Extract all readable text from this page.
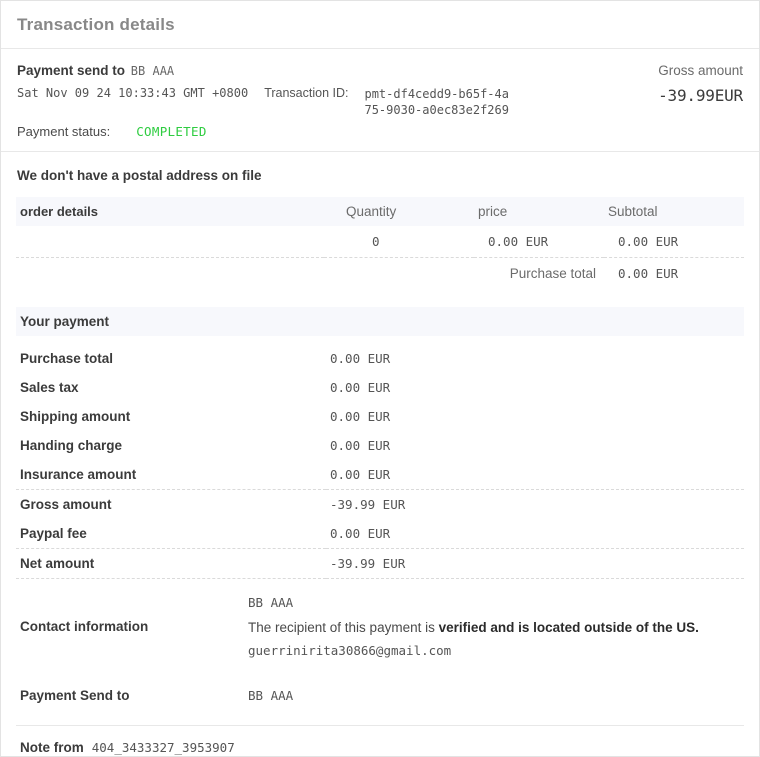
Transaction details
Payment send to BB AAA
Sat Nov 09 24 10:33:43 GMT +0800 Transaction ID: pmt-df4cedd9-b65f-4a75-9030-a0ec83e2f269
Payment status: COMPLETED
Gross amount
-39.99EUR
We don't have a postal address on file
order details	Quantity	price	Subtotal
	0	0.00 EUR	0.00 EUR
		Purchase total	0.00 EUR
Your payment
Purchase total	0.00 EUR
Sales tax	0.00 EUR
Shipping amount	0.00 EUR
Handing charge	0.00 EUR
Insurance amount	0.00 EUR
Gross amount	-39.99 EUR
Paypal fee	0.00 EUR
Net amount	-39.99 EUR
Contact information	BB AAA
The recipient of this payment is verified and is located outside of the US.
guerrinirita30866@gmail.com

Payment Send to	BB AAA

Note from 404_3433327_3953907
